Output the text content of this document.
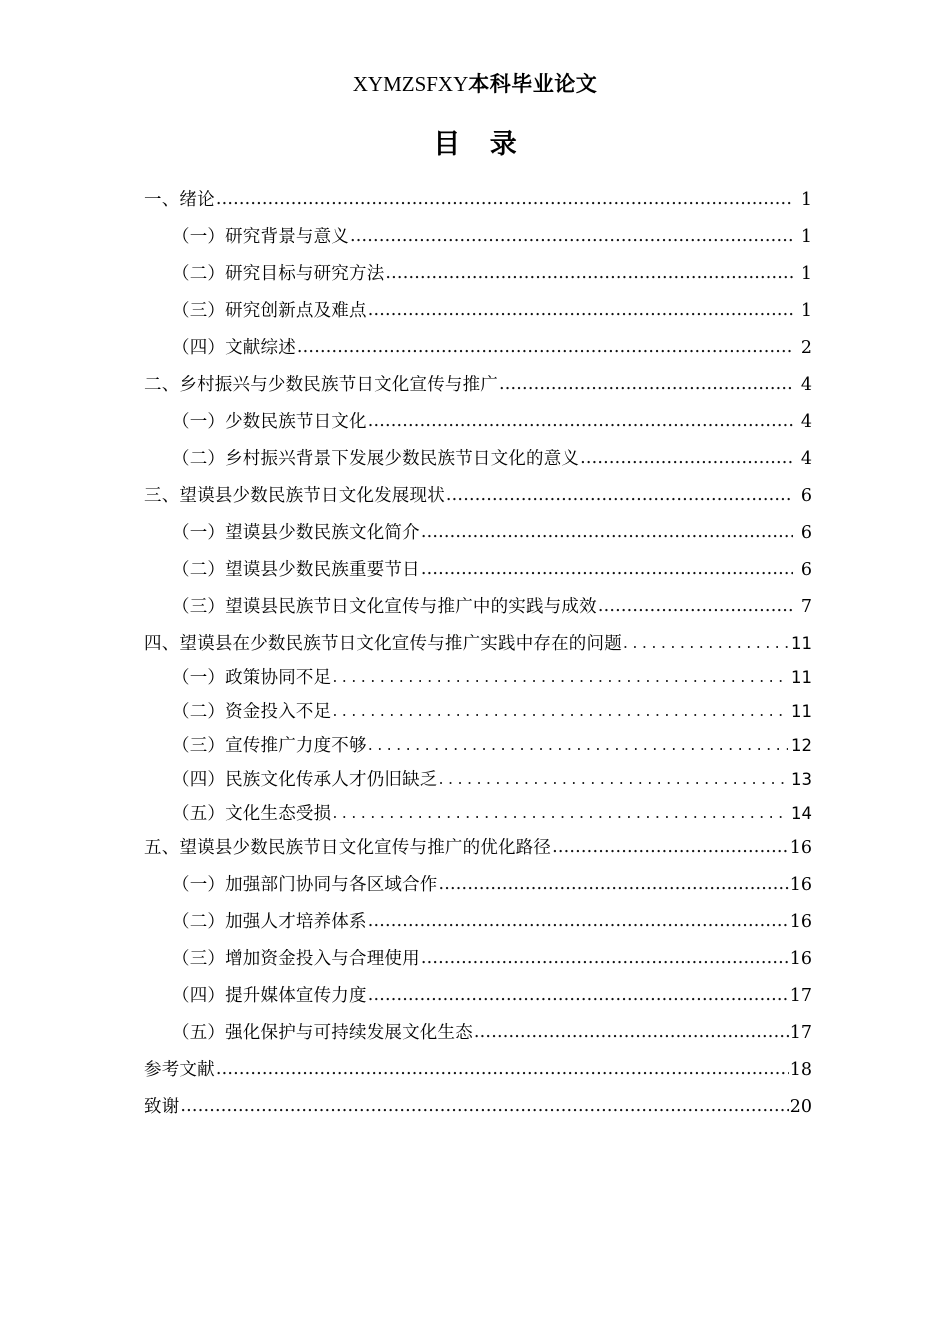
XYMZSFXY本科毕业论文
目 录
一、绪论 .....	1
（一）研究背景与意义 .....	1
（二）研究目标与研究方法 .....	1
（三）研究创新点及难点 .....	1
（四）文献综述 .....	2
二、乡村振兴与少数民族节日文化宣传与推广 .....	4
（一）少数民族节日文化 .....	4
（二）乡村振兴背景下发展少数民族节日文化的意义 .....	4
三、望谟县少数民族节日文化发展现状 .....	6
（一）望谟县少数民族文化简介 .....	6
（二）望谟县少数民族重要节日 .....	6
（三）望谟县民族节日文化宣传与推广中的实践与成效 .....	7
四、望谟县在少数民族节日文化宣传与推广实践中存在的问题 .....	11
（一）政策协同不足 .....	11
（二）资金投入不足 .....	11
（三）宣传推广力度不够 .....	12
（四）民族文化传承人才仍旧缺乏 .....	13
（五）文化生态受损 .....	14
五、望谟县少数民族节日文化宣传与推广的优化路径 .....	16
（一）加强部门协同与各区域合作 .....	16
（二）加强人才培养体系 .....	16
（三）增加资金投入与合理使用 .....	16
（四）提升媒体宣传力度 .....	17
（五）强化保护与可持续发展文化生态 .....	17
参考文献 .....	18
致谢 .....	20
